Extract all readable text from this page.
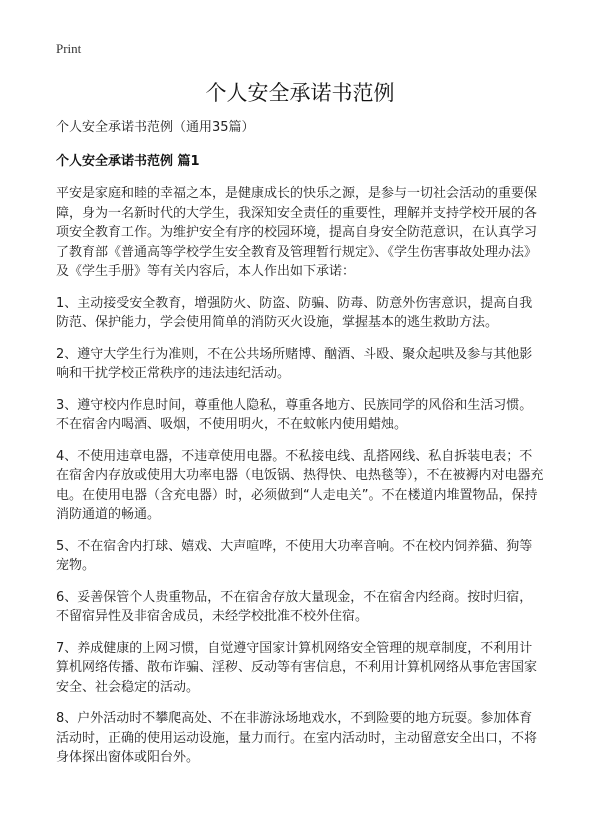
Print
个人安全承诺书范例
个人安全承诺书范例（通用35篇）
个人安全承诺书范例 篇1
平安是家庭和睦的幸福之本，是健康成长的快乐之源，是参与一切社会活动的重要保障，身为一名新时代的大学生，我深知安全责任的重要性，理解并支持学校开展的各项安全教育工作。为维护安全有序的校园环境，提高自身安全防范意识，在认真学习了教育部《普通高等学校学生安全教育及管理暂行规定》、《学生伤害事故处理办法》及《学生手册》等有关内容后，本人作出如下承诺：
1、主动接受安全教育，增强防火、防盗、防骗、防毒、防意外伤害意识，提高自我防范、保护能力，学会使用简单的消防灭火设施，掌握基本的逃生救助方法。
2、遵守大学生行为准则，不在公共场所赌博、酗酒、斗殴、聚众起哄及参与其他影响和干扰学校正常秩序的违法违纪活动。
3、遵守校内作息时间，尊重他人隐私，尊重各地方、民族同学的风俗和生活习惯。不在宿舍内喝酒、吸烟，不使用明火，不在蚊帐内使用蜡烛。
4、不使用违章电器，不违章使用电器。不私接电线、乱搭网线、私自拆装电表；不在宿舍内存放或使用大功率电器（电饭锅、热得快、电热毯等），不在被褥内对电器充电。在使用电器（含充电器）时，必须做到“人走电关”。不在楼道内堆置物品，保持消防通道的畅通。
5、不在宿舍内打球、嬉戏、大声喧哗，不使用大功率音响。不在校内饲养猫、狗等宠物。
6、妥善保管个人贵重物品，不在宿舍存放大量现金，不在宿舍内经商。按时归宿，不留宿异性及非宿舍成员，未经学校批准不校外住宿。
7、养成健康的上网习惯，自觉遵守国家计算机网络安全管理的规章制度，不利用计算机网络传播、散布诈骗、淫秽、反动等有害信息，不利用计算机网络从事危害国家安全、社会稳定的活动。
8、户外活动时不攀爬高处、不在非游泳场地戏水，不到险要的地方玩耍。参加体育活动时，正确的使用运动设施，量力而行。在室内活动时，主动留意安全出口，不将身体探出窗体或阳台外。
